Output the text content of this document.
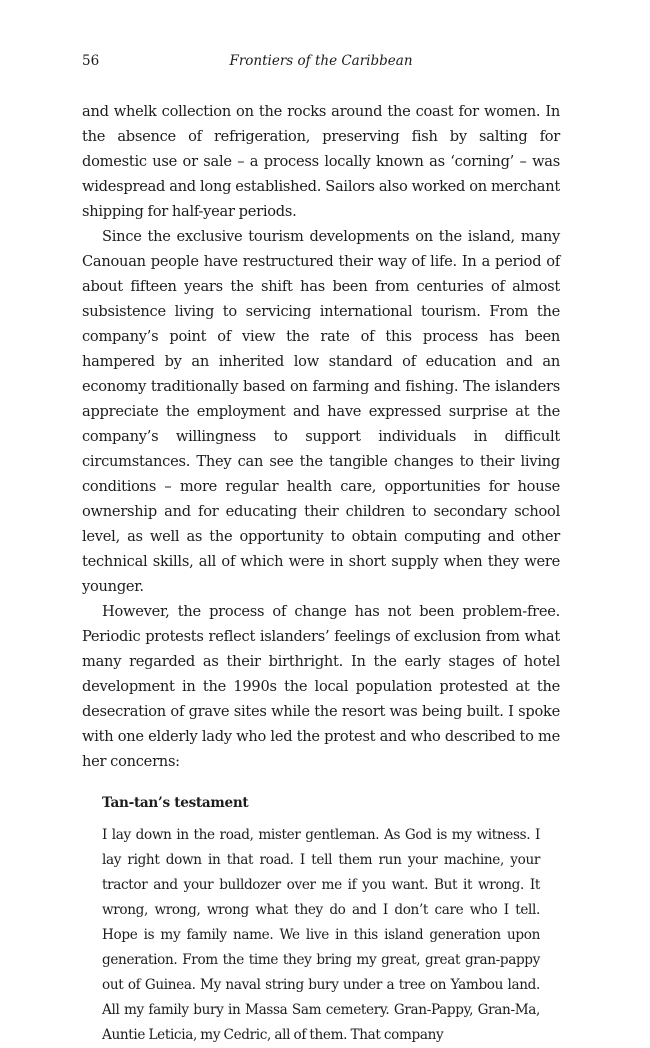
56	Frontiers of the Caribbean

and whelk collection on the rocks around the coast for women. In the absence of refrigeration, preserving fish by salting for domestic use or sale – a process locally known as ‘corning’ – was widespread and long established. Sailors also worked on merchant shipping for half-year periods.

Since the exclusive tourism developments on the island, many Canouan people have restructured their way of life. In a period of about fifteen years the shift has been from centuries of almost subsistence living to servicing international tourism. From the company’s point of view the rate of this process has been hampered by an inherited low standard of education and an economy traditionally based on farming and fishing. The islanders appreciate the employment and have expressed surprise at the company’s willingness to support individuals in difficult circumstances. They can see the tangible changes to their living conditions – more regular health care, opportunities for house ownership and for educating their children to secondary school level, as well as the opportunity to obtain computing and other technical skills, all of which were in short supply when they were younger.

However, the process of change has not been problem-free. Periodic protests reflect islanders’ feelings of exclusion from what many regarded as their birthright. In the early stages of hotel development in the 1990s the local population protested at the desecration of grave sites while the resort was being built. I spoke with one elderly lady who led the protest and who described to me her concerns:

Tan-tan’s testament

I lay down in the road, mister gentleman. As God is my witness. I lay right down in that road. I tell them run your machine, your tractor and your bulldozer over me if you want. But it wrong. It wrong, wrong, wrong what they do and I don’t care who I tell. Hope is my family name. We live in this island generation upon generation. From the time they bring my great, great gran-pappy out of Guinea. My naval string bury under a tree on Yambou land. All my family bury in Massa Sam cemetery. Gran-Pappy, Gran-Ma, Auntie Leticia, my Cedric, all of them. That company
